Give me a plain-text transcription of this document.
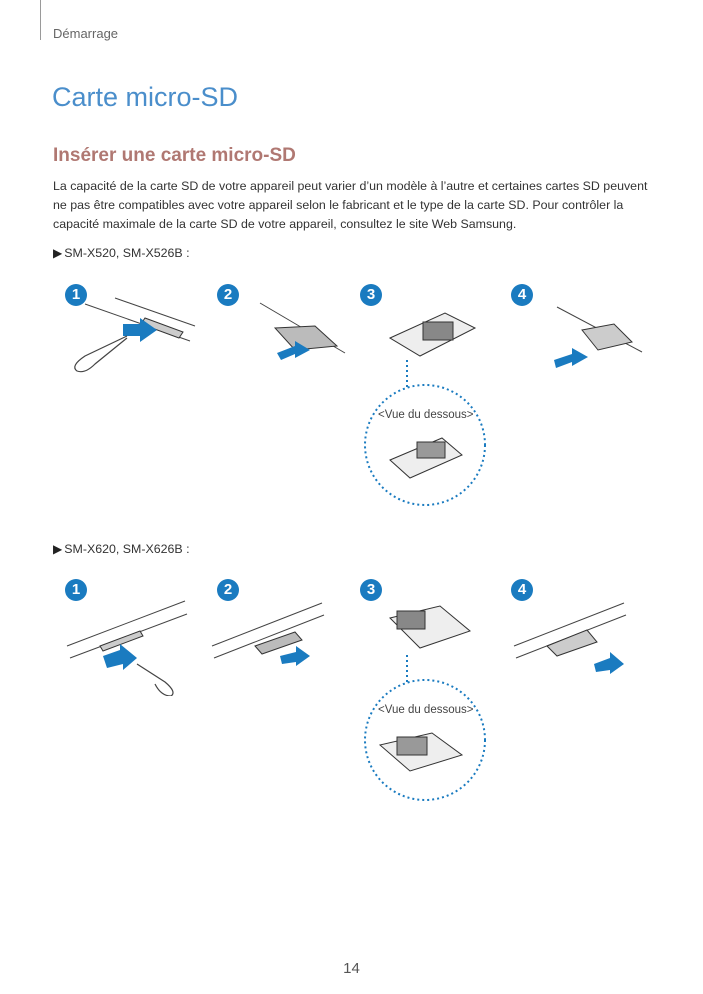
Démarrage
Carte micro-SD
Insérer une carte micro-SD

La capacité de la carte SD de votre appareil peut varier d’un modèle à l’autre et certaines cartes SD peuvent ne pas être compatibles avec votre appareil selon le fabricant et le type de la carte SD. Pour contrôler la capacité maximale de la carte SD de votre appareil, consultez le site Web Samsung.

▶ SM-X520, SM-X526B :
1	2	3	4
<Vue du dessous>
▶ SM-X620, SM-X626B :
1	2	3	4
<Vue du dessous>
14
